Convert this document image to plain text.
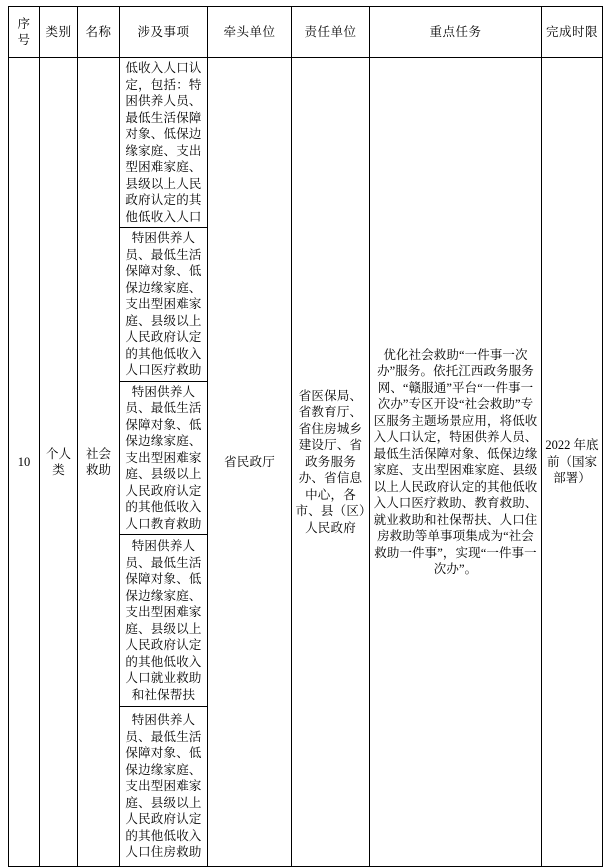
序号	类别	名称	涉及事项	牵头单位	责任单位	重点任务	完成时限
10	个人类	社会救助	低收入人口认定，包括：特困供养人员、最低生活保障对象、低保边缘家庭、支出型困难家庭、县级以上人民政府认定的其他低收入人口	省民政厅	省医保局、省教育厅、省住房城乡建设厅、省政务服务办、省信息中心，各市、县（区）人民政府	优化社会救助“一件事一次办”服务。依托江西政务服务网、“赣服通”平台“一件事一次办”专区开设“社会救助”专区服务主题场景应用，将低收入人口认定，特困供养人员、最低生活保障对象、低保边缘家庭、支出型困难家庭、县级以上人民政府认定的其他低收入人口医疗救助、教育救助、就业救助和社保帮扶、人口住房救助等单事项集成为“社会救助一件事”，实现“一件事一次办”。	2022 年底前（国家部署）
			特困供养人员、最低生活保障对象、低保边缘家庭、支出型困难家庭、县级以上人民政府认定的其他低收入人口医疗救助				
			特困供养人员、最低生活保障对象、低保边缘家庭、支出型困难家庭、县级以上人民政府认定的其他低收入人口教育救助				
			特困供养人员、最低生活保障对象、低保边缘家庭、支出型困难家庭、县级以上人民政府认定的其他低收入人口就业救助和社保帮扶				
			特困供养人员、最低生活保障对象、低保边缘家庭、支出型困难家庭、县级以上人民政府认定的其他低收入人口住房救助				
